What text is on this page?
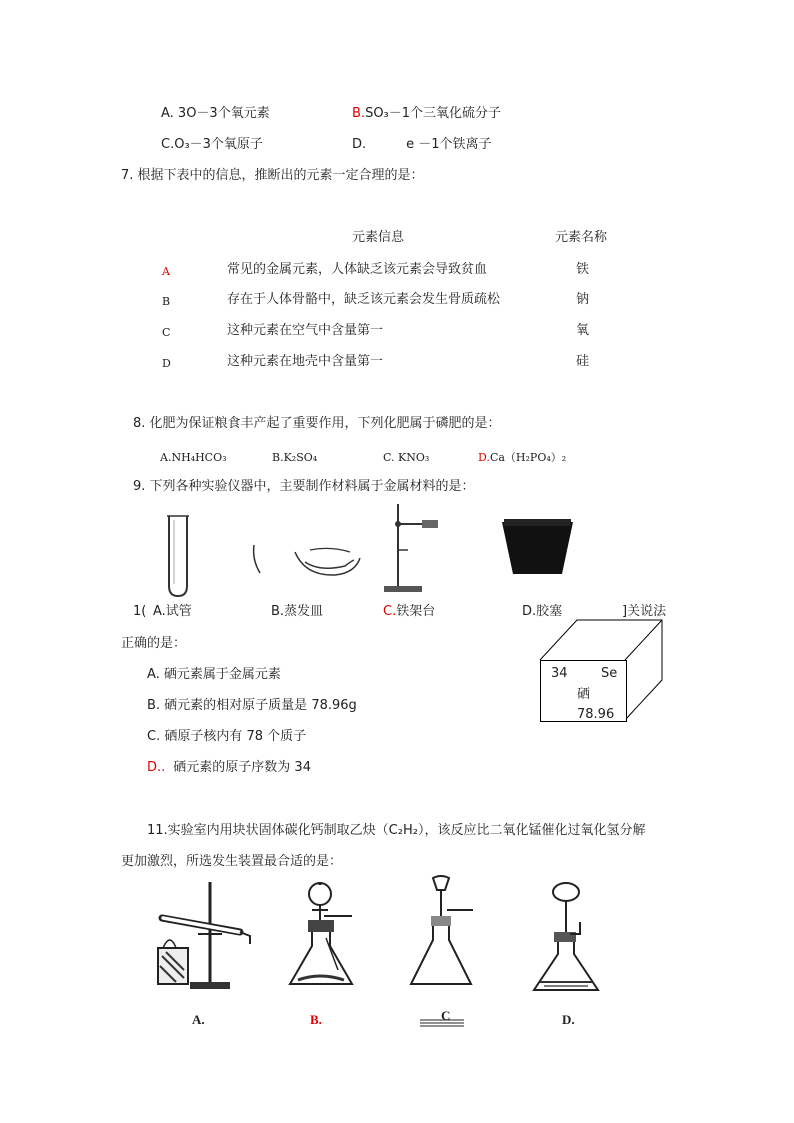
A. 3O－3个氧元素	B.SO₃－1个三氧化硫分子
C.O₃－3个氧原子	D.	e －1个铁离子
7. 根据下表中的信息，推断出的元素一定合理的是：
元素信息	元素名称
A	常见的金属元素，人体缺乏该元素会导致贫血	铁
B	存在于人体骨骼中，缺乏该元素会发生骨质疏松	钠
C	这种元素在空气中含量第一	氧
D	这种元素在地壳中含量第一	硅
8. 化肥为保证粮食丰产起了重要作用，下列化肥属于磷肥的是：
A.NH₄HCO₃	B.K₂SO₄	C. KNO₃	D.Ca（H₂PO₄）₂
9. 下列各种实验仪器中，主要制作材料属于金属材料的是：
1( A.试管	B.蒸发皿	C.铁架台	D.胶塞	]关说法
正确的是：
A. 硒元素属于金属元素
B. 硒元素的相对原子质量是 78.96g
C. 硒原子核内有 78 个质子
D.. 硒元素的原子序数为 34
34	Se
硒
78.96
11.实验室内用块状固体碳化钙制取乙炔（C₂H₂），该反应比二氧化锰催化过氧化氢分解
更加激烈，所选发生装置最合适的是：
A.	B.	C	D.
